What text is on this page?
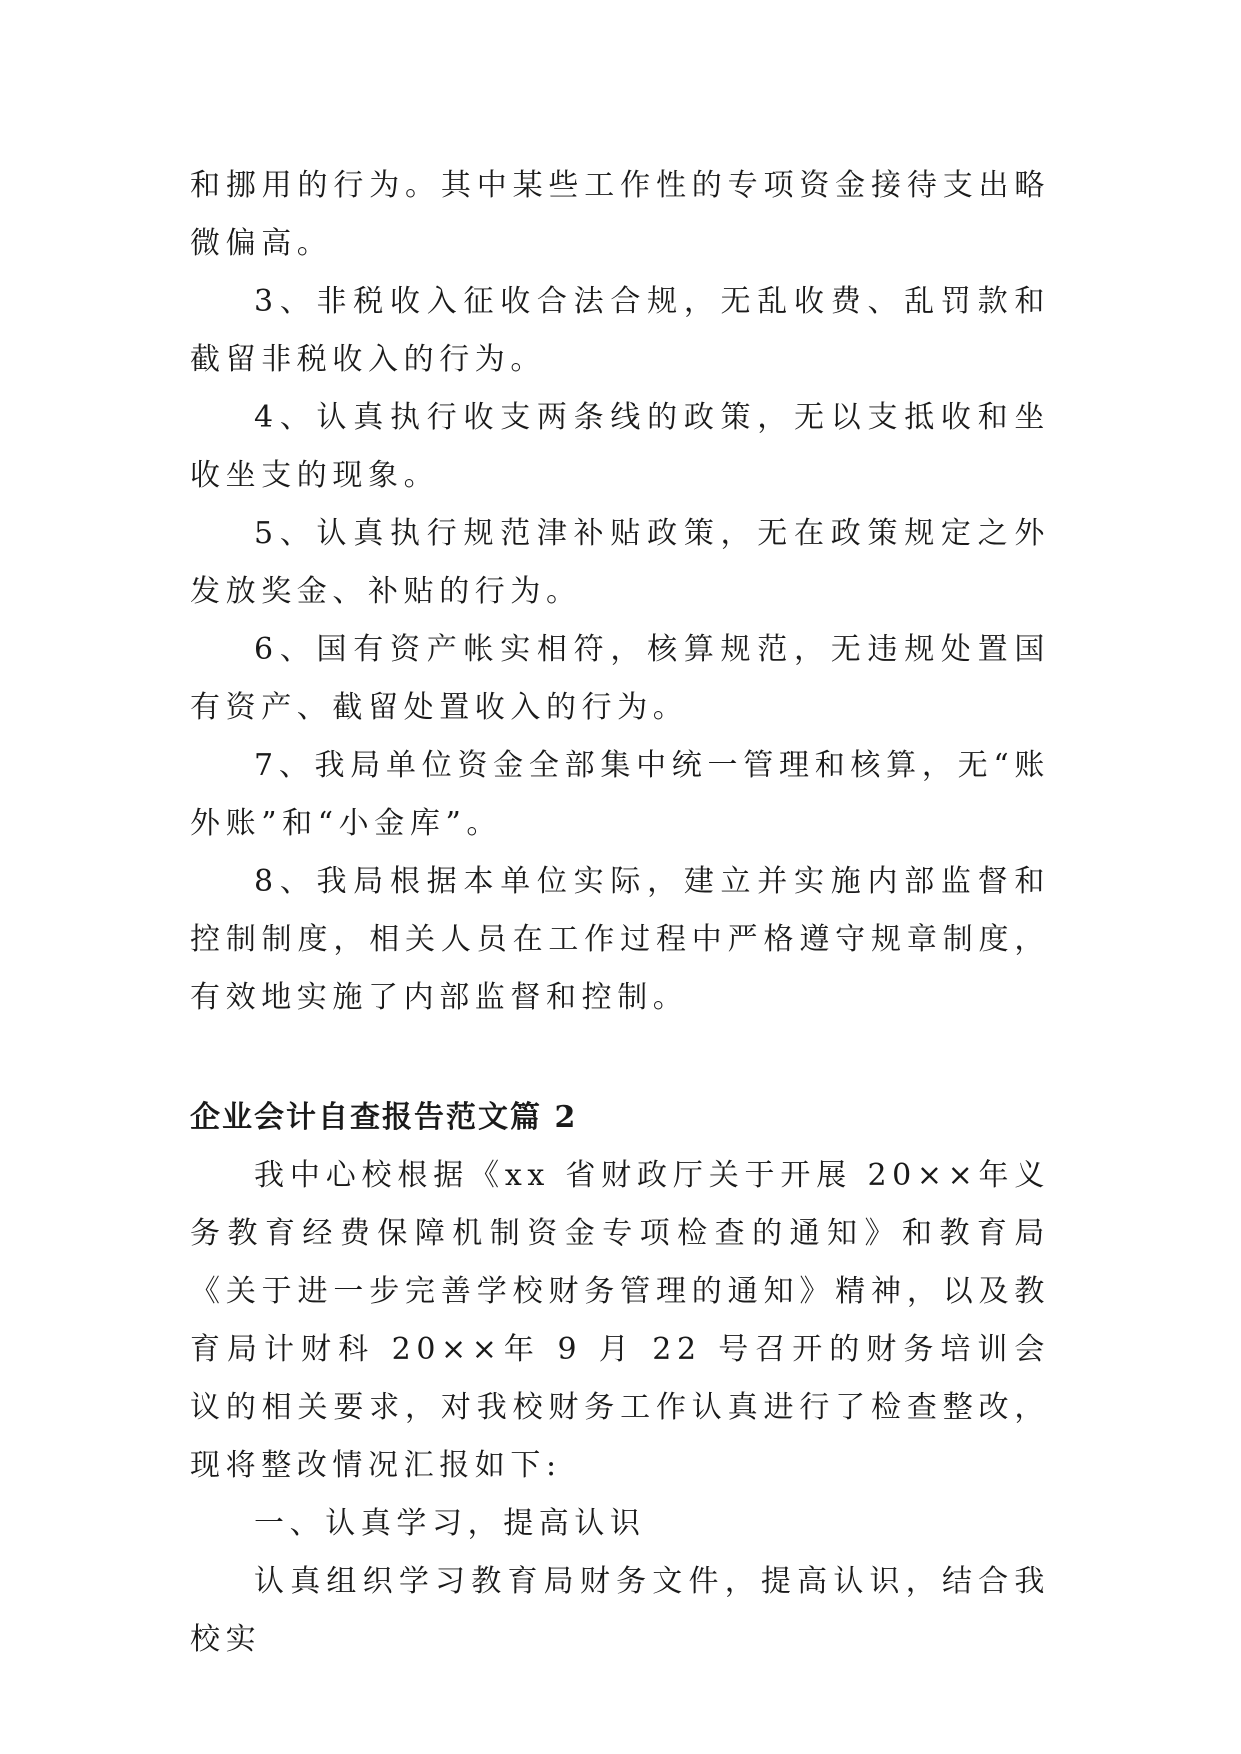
和挪用的行为。其中某些工作性的专项资金接待支出略微偏高。

3、非税收入征收合法合规，无乱收费、乱罚款和截留非税收入的行为。

4、认真执行收支两条线的政策，无以支抵收和坐收坐支的现象。

5、认真执行规范津补贴政策，无在政策规定之外发放奖金、补贴的行为。

6、国有资产帐实相符，核算规范，无违规处置国有资产、截留处置收入的行为。

7、我局单位资金全部集中统一管理和核算，无“账外账”和“小金库”。

8、我局根据本单位实际，建立并实施内部监督和控制制度，相关人员在工作过程中严格遵守规章制度，有效地实施了内部监督和控制。

企业会计自查报告范文篇 2

我中心校根据《xx 省财政厅关于开展 20××年义务教育经费保障机制资金专项检查的通知》和教育局《关于进一步完善学校财务管理的通知》精神，以及教育局计财科 20××年 9 月 22 号召开的财务培训会议的相关要求，对我校财务工作认真进行了检查整改，现将整改情况汇报如下:

一、认真学习，提高认识

认真组织学习教育局财务文件，提高认识，结合我校实
